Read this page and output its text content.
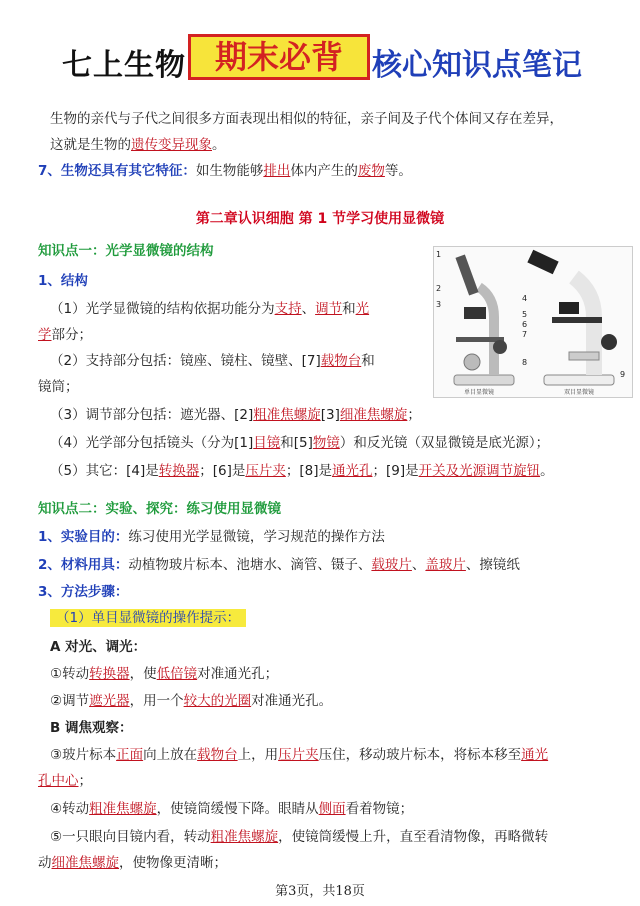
七上生物 期末必背 核心知识点笔记
生物的亲代与子代之间很多方面表现出相似的特征，亲子间及子代个体间又存在差异，
这就是生物的遗传变异现象。
7、生物还具有其它特征：如生物能够排出体内产生的废物等。
第二章认识细胞 第 1 节学习使用显微镜
知识点一：光学显微镜的结构
1、结构
（1）光学显微镜的结构依据功能分为支持、调节和光
学部分；
（2）支持部分包括：镜座、镜柱、镜壁、[7]载物台和
镜筒；
（3）调节部分包括：遮光器、[2]粗准焦螺旋[3]细准焦螺旋；
（4）光学部分包括镜头（分为[1]目镜和[5]物镜）和反光镜（双显微镜是底光源）；
（5）其它：[4]是转换器；[6]是压片夹；[8]是通光孔；[9]是开关及光源调节旋钮。
1
2
3
4
5
6
7
8
9
单目显微镜	双目显微镜
知识点二：实验、探究：练习使用显微镜
1、实验目的：练习使用光学显微镜，学习规范的操作方法
2、材料用具：动植物玻片标本、池塘水、滴管、镊子、载玻片、盖玻片、擦镜纸
3、方法步骤：
（1）单目显微镜的操作提示：
A 对光、调光：
①转动转换器，使低倍镜对准通光孔；
②调节遮光器，用一个较大的光圈对准通光孔。
B 调焦观察：
③玻片标本正面向上放在载物台上，用压片夹压住，移动玻片标本，将标本移至通光
孔中心；
④转动粗准焦螺旋，使镜筒缓慢下降。眼睛从侧面看着物镜；
⑤一只眼向目镜内看，转动粗准焦螺旋，使镜筒缓慢上升，直至看清物像，再略微转
动细准焦螺旋，使物像更清晰；
第3页，共18页
